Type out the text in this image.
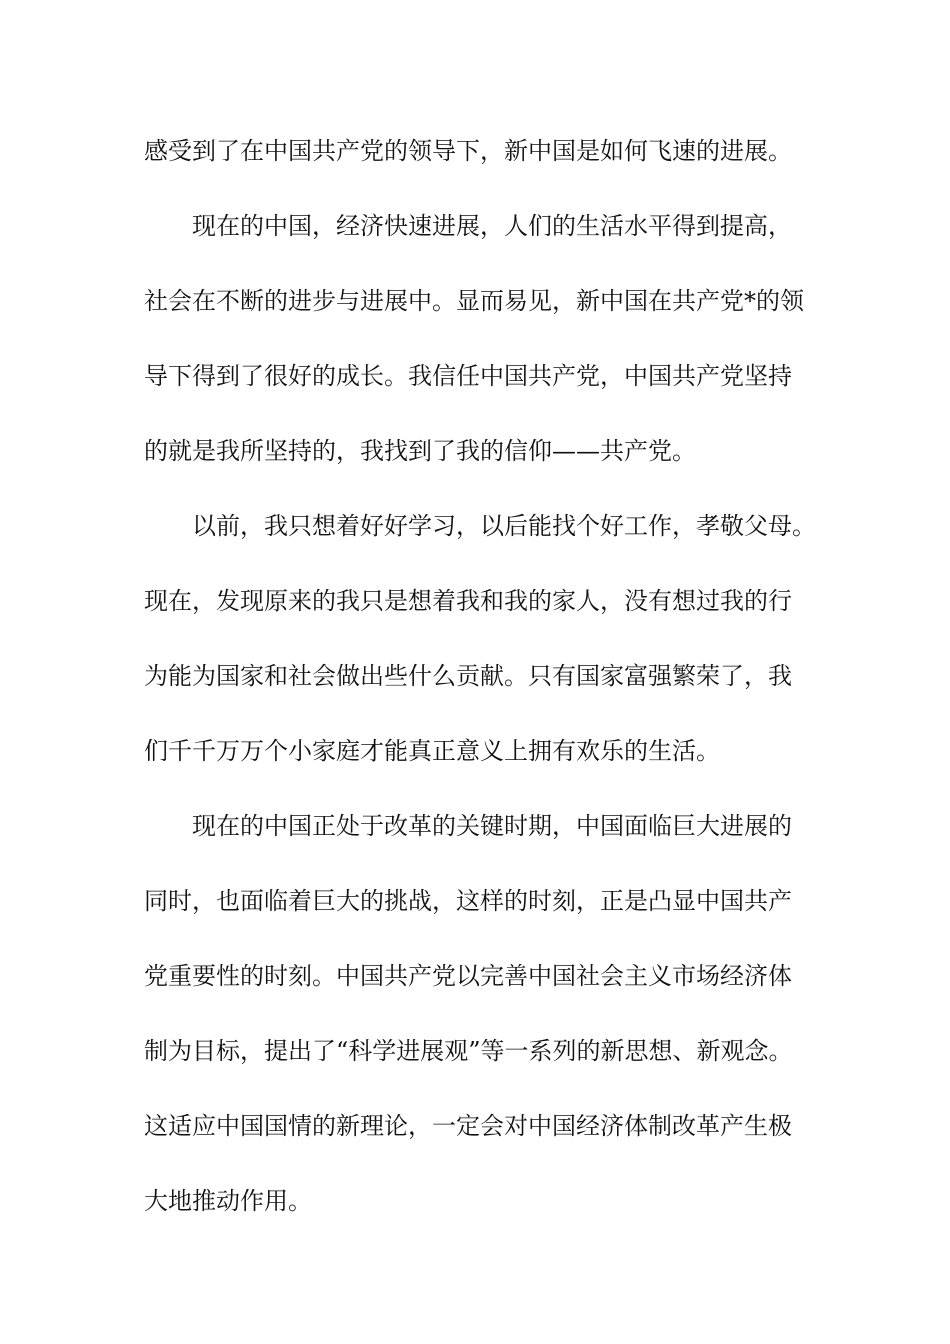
感受到了在中国共产党的领导下，新中国是如何飞速的进展。
现在的中国，经济快速进展，人们的生活水平得到提高，
社会在不断的进步与进展中。显而易见，新中国在共产党*的领
导下得到了很好的成长。我信任中国共产党，中国共产党坚持
的就是我所坚持的，我找到了我的信仰——共产党。
以前，我只想着好好学习，以后能找个好工作，孝敬父母。
现在，发现原来的我只是想着我和我的家人，没有想过我的行
为能为国家和社会做出些什么贡献。只有国家富强繁荣了，我
们千千万万个小家庭才能真正意义上拥有欢乐的生活。
现在的中国正处于改革的关键时期，中国面临巨大进展的
同时，也面临着巨大的挑战，这样的时刻，正是凸显中国共产
党重要性的时刻。中国共产党以完善中国社会主义市场经济体
制为目标，提出了“科学进展观”等一系列的新思想、新观念。
这适应中国国情的新理论，一定会对中国经济体制改革产生极
大地推动作用。
